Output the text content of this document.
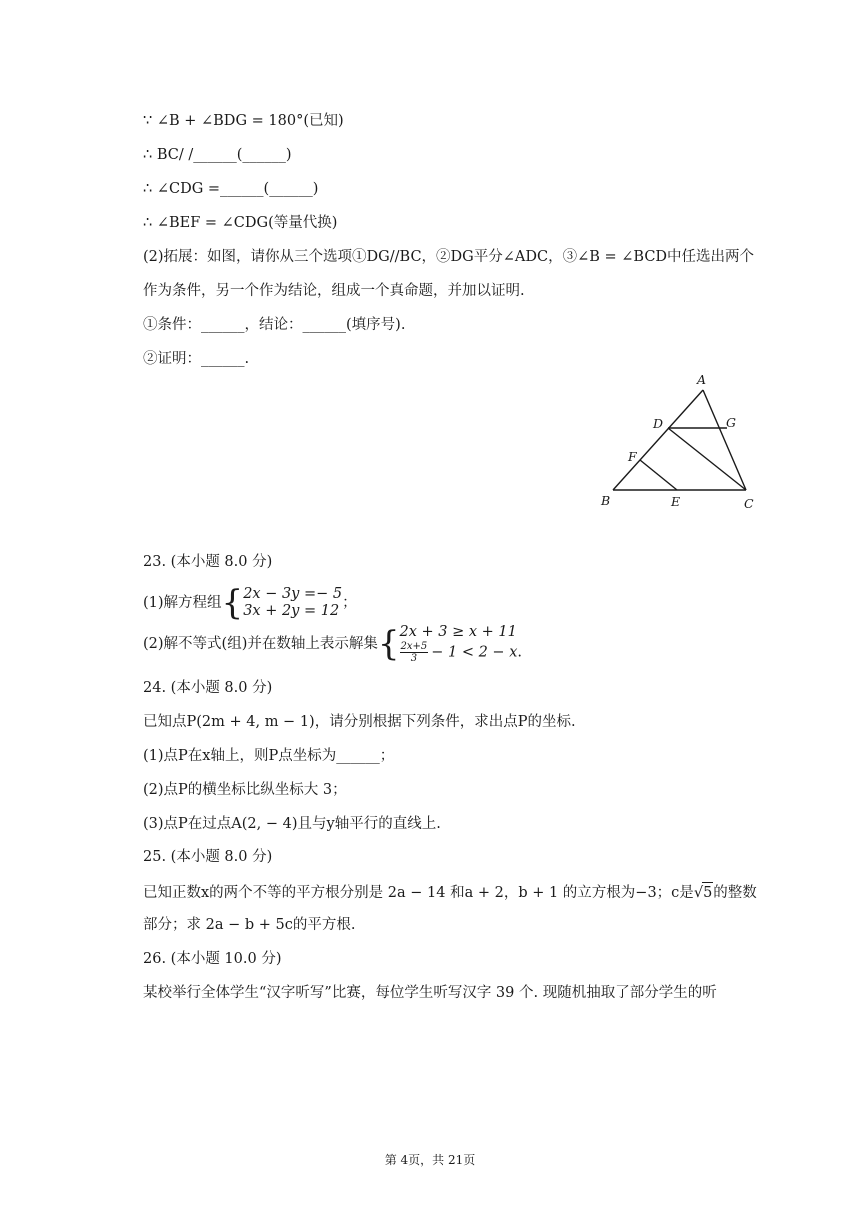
∵ ∠B + ∠BDG = 180°(已知)
∴ BC/ /______(______)
∴ ∠CDG =______(______)
∴ ∠BEF = ∠CDG(等量代换)
(2)拓展：如图，请你从三个选项①DG//BC，②DG平分∠ADC，③∠B = ∠BCD中任选出两个
作为条件，另一个作为结论，组成一个真命题，并加以证明.
①条件：______，结论：______(填序号).
②证明：______.
A
D	G
F
B	E	C
23. (本小题 8.0 分)
(1)解方程组{ 2x − 3y =− 5
3x + 2y = 12 ；
(2)解不等式(组)并在数轴上表示解集{ 2x + 3 ≥ x + 11
$\frac{2x+5}{3} - 1 < 2 - x$.
24. (本小题 8.0 分)
已知点P(2m + 4, m − 1)，请分别根据下列条件，求出点P的坐标.
(1)点P在x轴上，则P点坐标为______；
(2)点P的横坐标比纵坐标大 3；
(3)点P在过点A(2, − 4)且与y轴平行的直线上.
25. (本小题 8.0 分)
已知正数x的两个不等的平方根分别是 2a − 14 和a + 2，b + 1 的立方根为−3；c是√5的整数
部分；求 2a − b + 5c的平方根.
26. (本小题 10.0 分)
某校举行全体学生“汉字听写”比赛，每位学生听写汉字 39 个. 现随机抽取了部分学生的听
第 4页，共 21页
